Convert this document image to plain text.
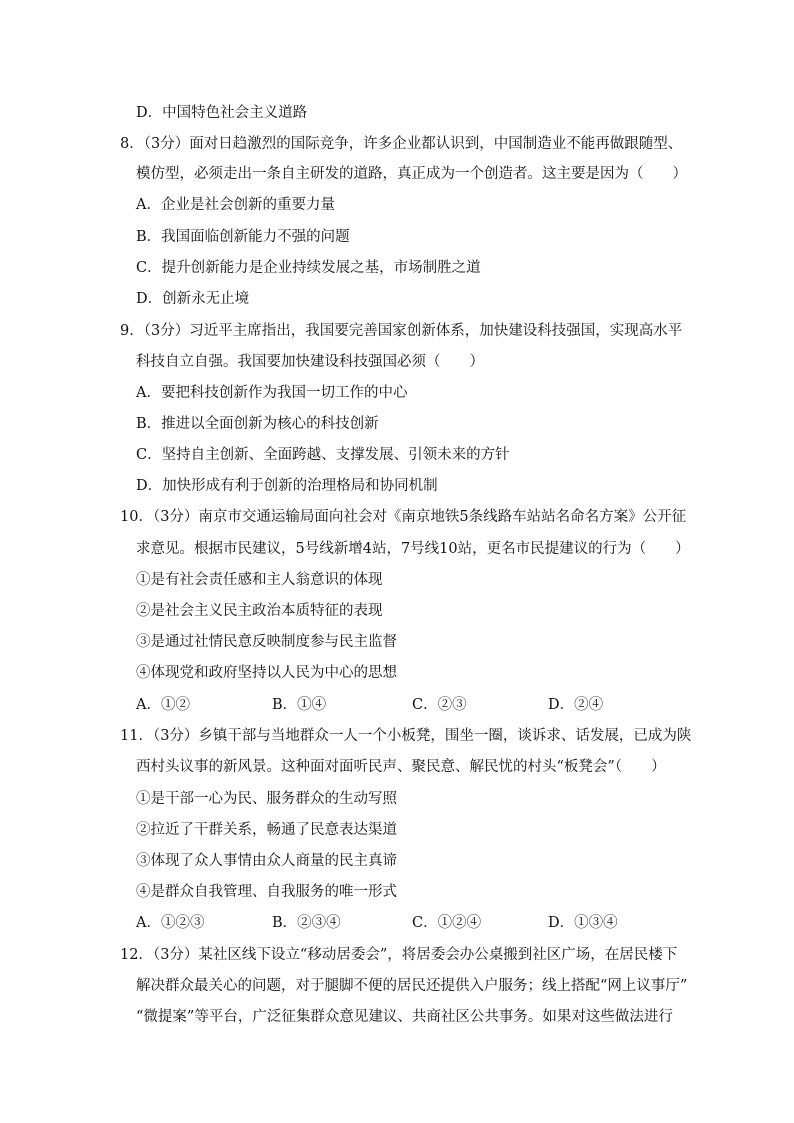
D．中国特色社会主义道路
8．（3分）面对日趋激烈的国际竞争，许多企业都认识到，中国制造业不能再做跟随型、
模仿型，必须走出一条自主研发的道路，真正成为一个创造者。这主要是因为（　　）
A．企业是社会创新的重要力量
B．我国面临创新能力不强的问题
C．提升创新能力是企业持续发展之基，市场制胜之道
D．创新永无止境
9．（3分）习近平主席指出，我国要完善国家创新体系，加快建设科技强国，实现高水平
科技自立自强。我国要加快建设科技强国必须（　　）
A．要把科技创新作为我国一切工作的中心
B．推进以全面创新为核心的科技创新
C．坚持自主创新、全面跨越、支撑发展、引领未来的方针
D．加快形成有利于创新的治理格局和协同机制
10．（3分）南京市交通运输局面向社会对《南京地铁5条线路车站站名命名方案》公开征
求意见。根据市民建议，5号线新增4站，7号线10站，更名市民提建议的行为（　　）
①是有社会责任感和主人翁意识的体现
②是社会主义民主政治本质特征的表现
③是通过社情民意反映制度参与民主监督
④体现党和政府坚持以人民为中心的思想
A．①②	B．①④	C．②③	D．②④
11．（3分）乡镇干部与当地群众一人一个小板凳，围坐一圈，谈诉求、话发展，已成为陕
西村头议事的新风景。这种面对面听民声、聚民意、解民忧的村头“板凳会”（　　）
①是干部一心为民、服务群众的生动写照
②拉近了干群关系，畅通了民意表达渠道
③体现了众人事情由众人商量的民主真谛
④是群众自我管理、自我服务的唯一形式
A．①②③	B．②③④	C．①②④	D．①③④
12．（3分）某社区线下设立“移动居委会”，将居委会办公桌搬到社区广场，在居民楼下
解决群众最关心的问题，对于腿脚不便的居民还提供入户服务；线上搭配“网上议事厅”
“微提案”等平台，广泛征集群众意见建议、共商社区公共事务。如果对这些做法进行
